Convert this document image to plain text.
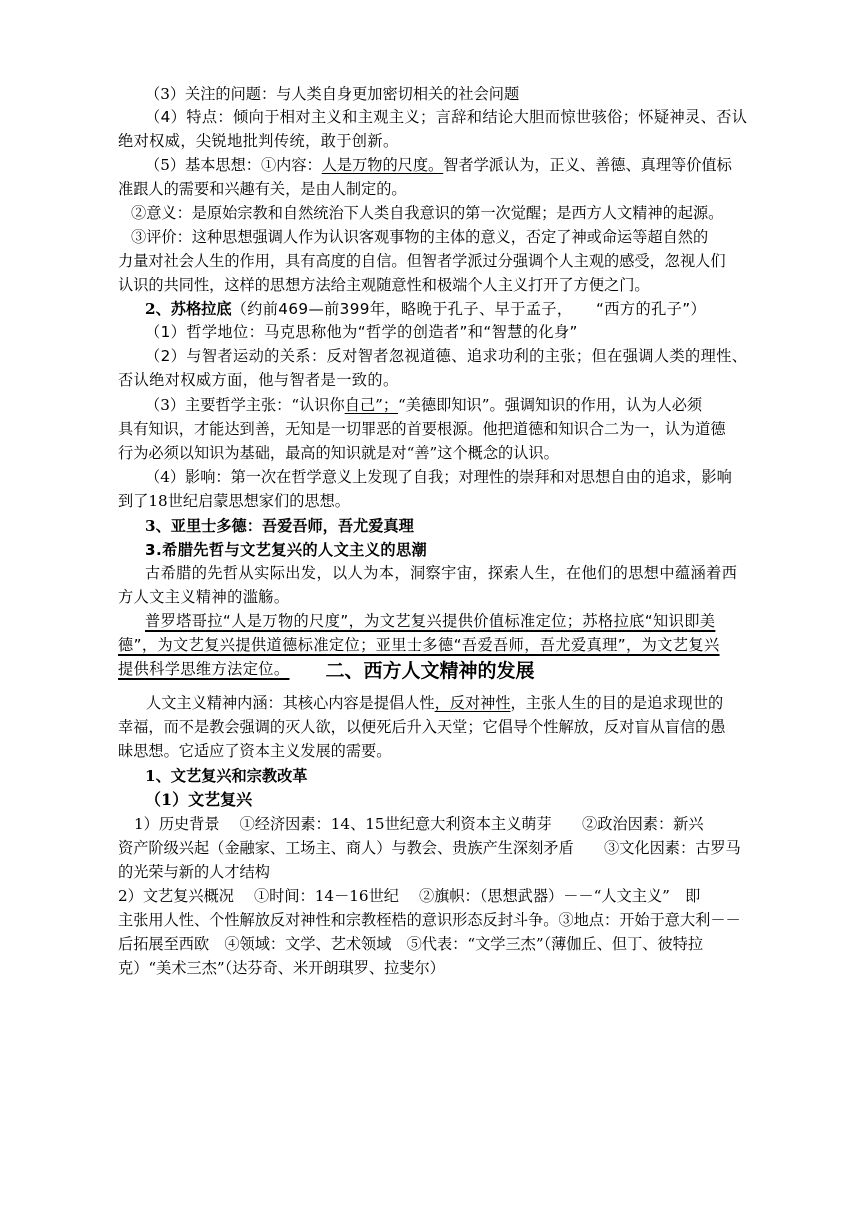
（3）关注的问题：与人类自身更加密切相关的社会问题
（4）特点：倾向于相对主义和主观主义；言辞和结论大胆而惊世骇俗；怀疑神灵、否认
绝对权威，尖锐地批判传统，敢于创新。
（5）基本思想：①内容：人是万物的尺度。智者学派认为，正义、善德、真理等价值标
准跟人的需要和兴趣有关，是由人制定的。
②意义：是原始宗教和自然统治下人类自我意识的第一次觉醒；是西方人文精神的起源。
③评价：这种思想强调人作为认识客观事物的主体的意义，否定了神或命运等超自然的
力量对社会人生的作用，具有高度的自信。但智者学派过分强调个人主观的感受，忽视人们
认识的共同性，这样的思想方法给主观随意性和极端个人主义打开了方便之门。
2、苏格拉底（约前469—前399年，略晚于孔子、早于孟子，　　“西方的孔子”）
（1）哲学地位：马克思称他为“哲学的创造者”和“智慧的化身”
（2）与智者运动的关系：反对智者忽视道德、追求功利的主张；但在强调人类的理性、
否认绝对权威方面，他与智者是一致的。
（3）主要哲学主张：“认识你自己”；“美德即知识”。强调知识的作用，认为人必须
具有知识，才能达到善，无知是一切罪恶的首要根源。他把道德和知识合二为一，认为道德
行为必须以知识为基础，最高的知识就是对“善”这个概念的认识。
（4）影响：第一次在哲学意义上发现了自我；对理性的崇拜和对思想自由的追求，影响
到了18世纪启蒙思想家们的思想。
3、亚里士多德：吾爱吾师，吾尤爱真理
3.希腊先哲与文艺复兴的人文主义的思潮
古希腊的先哲从实际出发，以人为本，洞察宇宙，探索人生，在他们的思想中蕴涵着西
方人文主义精神的滥觞。
普罗塔哥拉“人是万物的尺度”，为文艺复兴提供价值标准定位；苏格拉底“知识即美
德”，为文艺复兴提供道德标准定位；亚里士多德“吾爱吾师，吾尤爱真理”，为文艺复兴
提供科学思维方法定位。	二、西方人文精神的发展
人文主义精神内涵：其核心内容是提倡人性，反对神性，主张人生的目的是追求现世的
幸福，而不是教会强调的灭人欲，以便死后升入天堂；它倡导个性解放，反对盲从盲信的愚
昧思想。它适应了资本主义发展的需要。
1、文艺复兴和宗教改革
（1）文艺复兴
1）历史背景　 ①经济因素：14、15世纪意大利资本主义萌芽　　②政治因素：新兴
资产阶级兴起（金融家、工场主、商人）与教会、贵族产生深刻矛盾　　③文化因素：古罗马
的光荣与新的人才结构
2）文艺复兴概况　 ①时间：14－16世纪　 ②旗帜：（思想武器）－－“人文主义”　即
主张用人性、个性解放反对神性和宗教桎梏的意识形态反封斗争。③地点：开始于意大利－－
后拓展至西欧　④领域：文学、艺术领域　⑤代表：“文学三杰”（薄伽丘、但丁、彼特拉
克）“美术三杰”（达芬奇、米开朗琪罗、拉斐尔）
